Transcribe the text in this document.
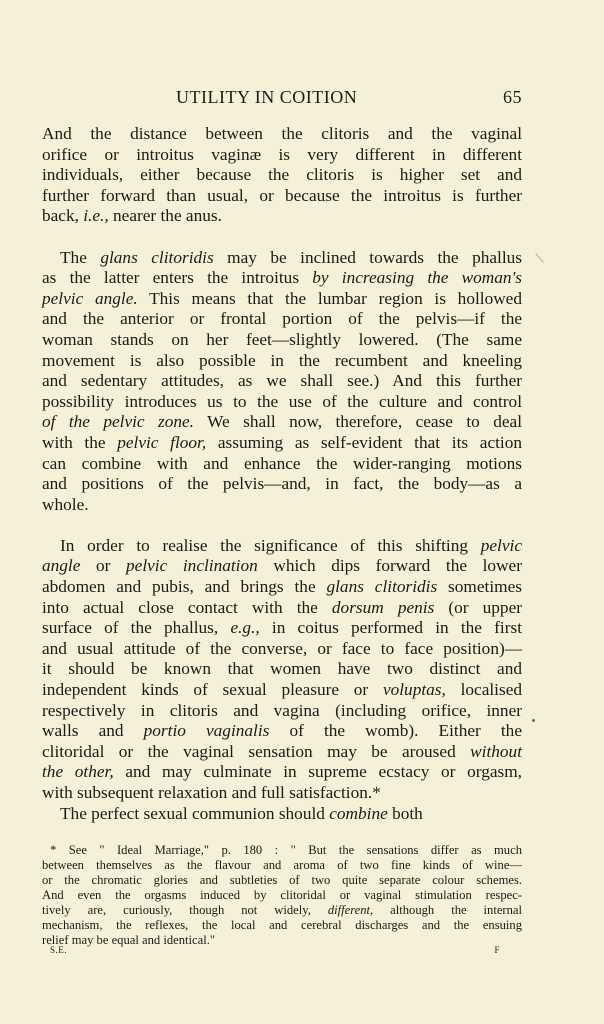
UTILITY IN COITION	65
And the distance between the clitoris and the vaginal
orifice or introitus vaginæ is very different in different
individuals, either because the clitoris is higher set and
further forward than usual, or because the introitus is further
back, i.e., nearer the anus.
The glans clitoridis may be inclined towards the phallus
as the latter enters the introitus by increasing the woman's
pelvic angle. This means that the lumbar region is hollowed
and the anterior or frontal portion of the pelvis—if the
woman stands on her feet—slightly lowered. (The same
movement is also possible in the recumbent and kneeling
and sedentary attitudes, as we shall see.) And this further
possibility introduces us to the use of the culture and control
of the pelvic zone. We shall now, therefore, cease to deal
with the pelvic floor, assuming as self-evident that its action
can combine with and enhance the wider-ranging motions
and positions of the pelvis—and, in fact, the body—as a
whole.
In order to realise the significance of this shifting pelvic
angle or pelvic inclination which dips forward the lower
abdomen and pubis, and brings the glans clitoridis sometimes
into actual close contact with the dorsum penis (or upper
surface of the phallus, e.g., in coitus performed in the first
and usual attitude of the converse, or face to face position)—
it should be known that women have two distinct and
independent kinds of sexual pleasure or voluptas, localised
respectively in clitoris and vagina (including orifice, inner
walls and portio vaginalis of the womb). Either the
clitoridal or the vaginal sensation may be aroused without
the other, and may culminate in supreme ecstacy or orgasm,
with subsequent relaxation and full satisfaction.*
The perfect sexual communion should combine both
* See " Ideal Marriage," p. 180 : " But the sensations differ as much
between themselves as the flavour and aroma of two fine kinds of wine—
or the chromatic glories and subtleties of two quite separate colour schemes.
And even the orgasms induced by clitoridal or vaginal stimulation respec-
tively are, curiously, though not widely, different, although the internal
mechanism, the reflexes, the local and cerebral discharges and the ensuing
relief may be equal and identical."
S.E.	F
